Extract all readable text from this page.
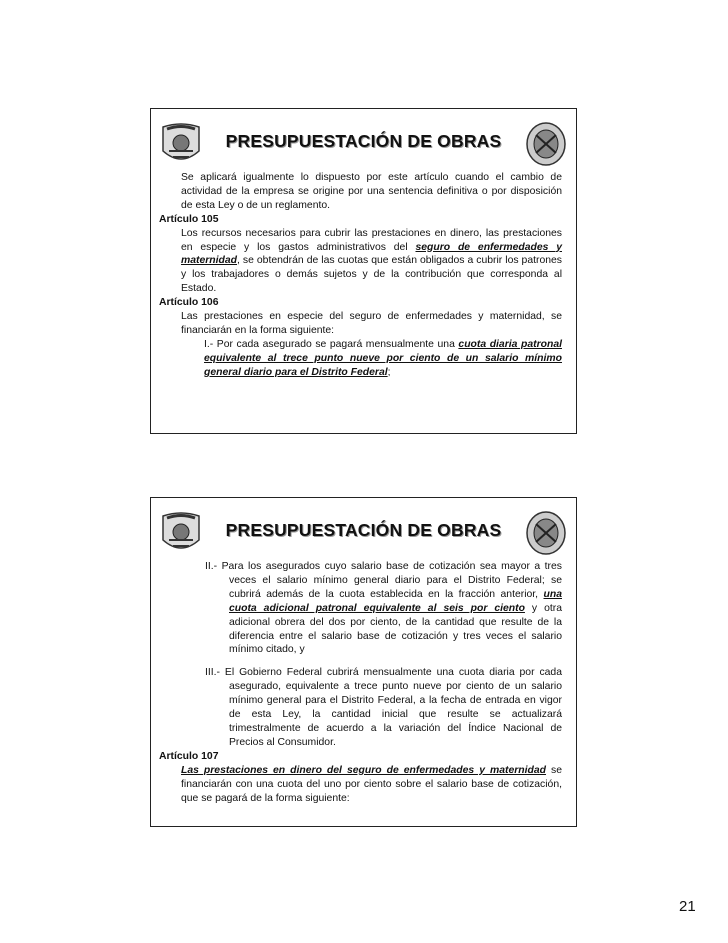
PRESUPUESTACIÓN DE OBRAS

Se aplicará igualmente lo dispuesto por este artículo cuando el cambio de actividad de la empresa se origine por una sentencia definitiva o por disposición de esta Ley o de un reglamento.

Artículo 105

Los recursos necesarios para cubrir las prestaciones en dinero, las prestaciones en especie y los gastos administrativos del seguro de enfermedades y maternidad, se obtendrán de las cuotas que están obligados a cubrir los patrones y los trabajadores o demás sujetos y de la contribución que corresponda al Estado.

Artículo 106

Las prestaciones en especie del seguro de enfermedades y maternidad, se financiarán en la forma siguiente:

I.- Por cada asegurado se pagará mensualmente una cuota diaria patronal equivalente al trece punto nueve por ciento de un salario mínimo general diario para el Distrito Federal;

PRESUPUESTACIÓN DE OBRAS

II.- Para los asegurados cuyo salario base de cotización sea mayor a tres veces el salario mínimo general diario para el Distrito Federal; se cubrirá además de la cuota establecida en la fracción anterior, una cuota adicional patronal equivalente al seis por ciento y otra adicional obrera del dos por ciento, de la cantidad que resulte de la diferencia entre el salario base de cotización y tres veces el salario mínimo citado, y

III.- El Gobierno Federal cubrirá mensualmente una cuota diaria por cada asegurado, equivalente a trece punto nueve por ciento de un salario mínimo general para el Distrito Federal, a la fecha de entrada en vigor de esta Ley, la cantidad inicial que resulte se actualizará trimestralmente de acuerdo a la variación del Índice Nacional de Precios al Consumidor.

Artículo 107

Las prestaciones en dinero del seguro de enfermedades y maternidad se financiarán con una cuota del uno por ciento sobre el salario base de cotización, que se pagará de la forma siguiente:

21
